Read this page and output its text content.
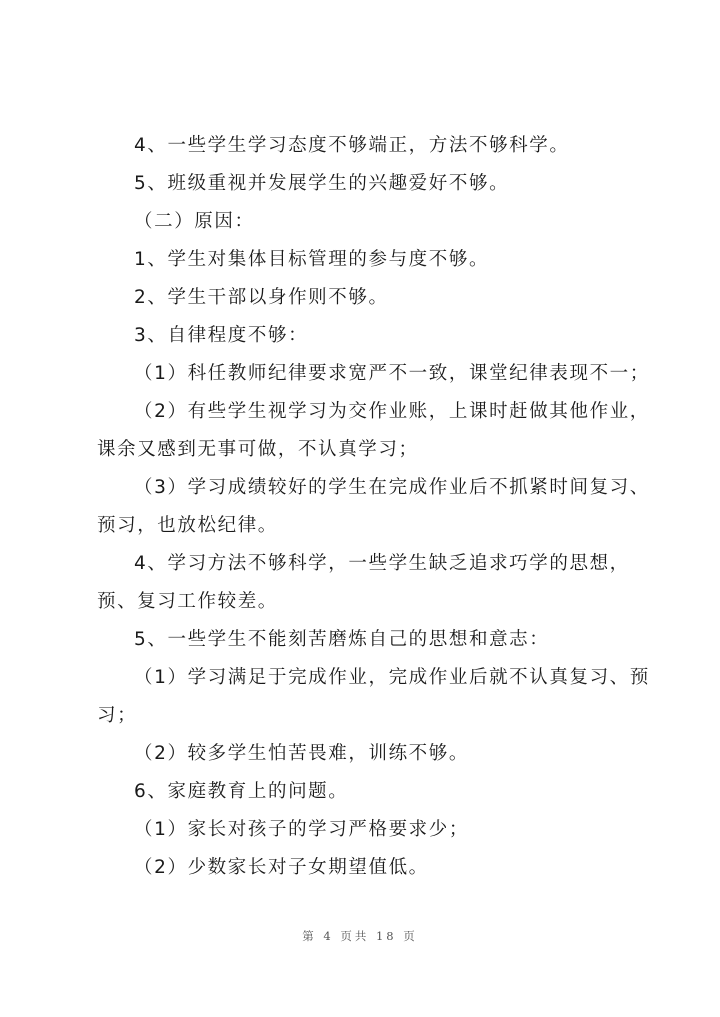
4、一些学生学习态度不够端正，方法不够科学。
5、班级重视并发展学生的兴趣爱好不够。
（二）原因：
1、学生对集体目标管理的参与度不够。
2、学生干部以身作则不够。
3、自律程度不够：
（1）科任教师纪律要求宽严不一致，课堂纪律表现不一；
（2）有些学生视学习为交作业账，上课时赶做其他作业，
课余又感到无事可做，不认真学习；
（3）学习成绩较好的学生在完成作业后不抓紧时间复习、
预习，也放松纪律。
4、学习方法不够科学，一些学生缺乏追求巧学的思想，
预、复习工作较差。
5、一些学生不能刻苦磨炼自己的思想和意志：
（1）学习满足于完成作业，完成作业后就不认真复习、预
习；
（2）较多学生怕苦畏难，训练不够。
6、家庭教育上的问题。
（1）家长对孩子的学习严格要求少；
（2）少数家长对子女期望值低。
第 4 页共 18 页
